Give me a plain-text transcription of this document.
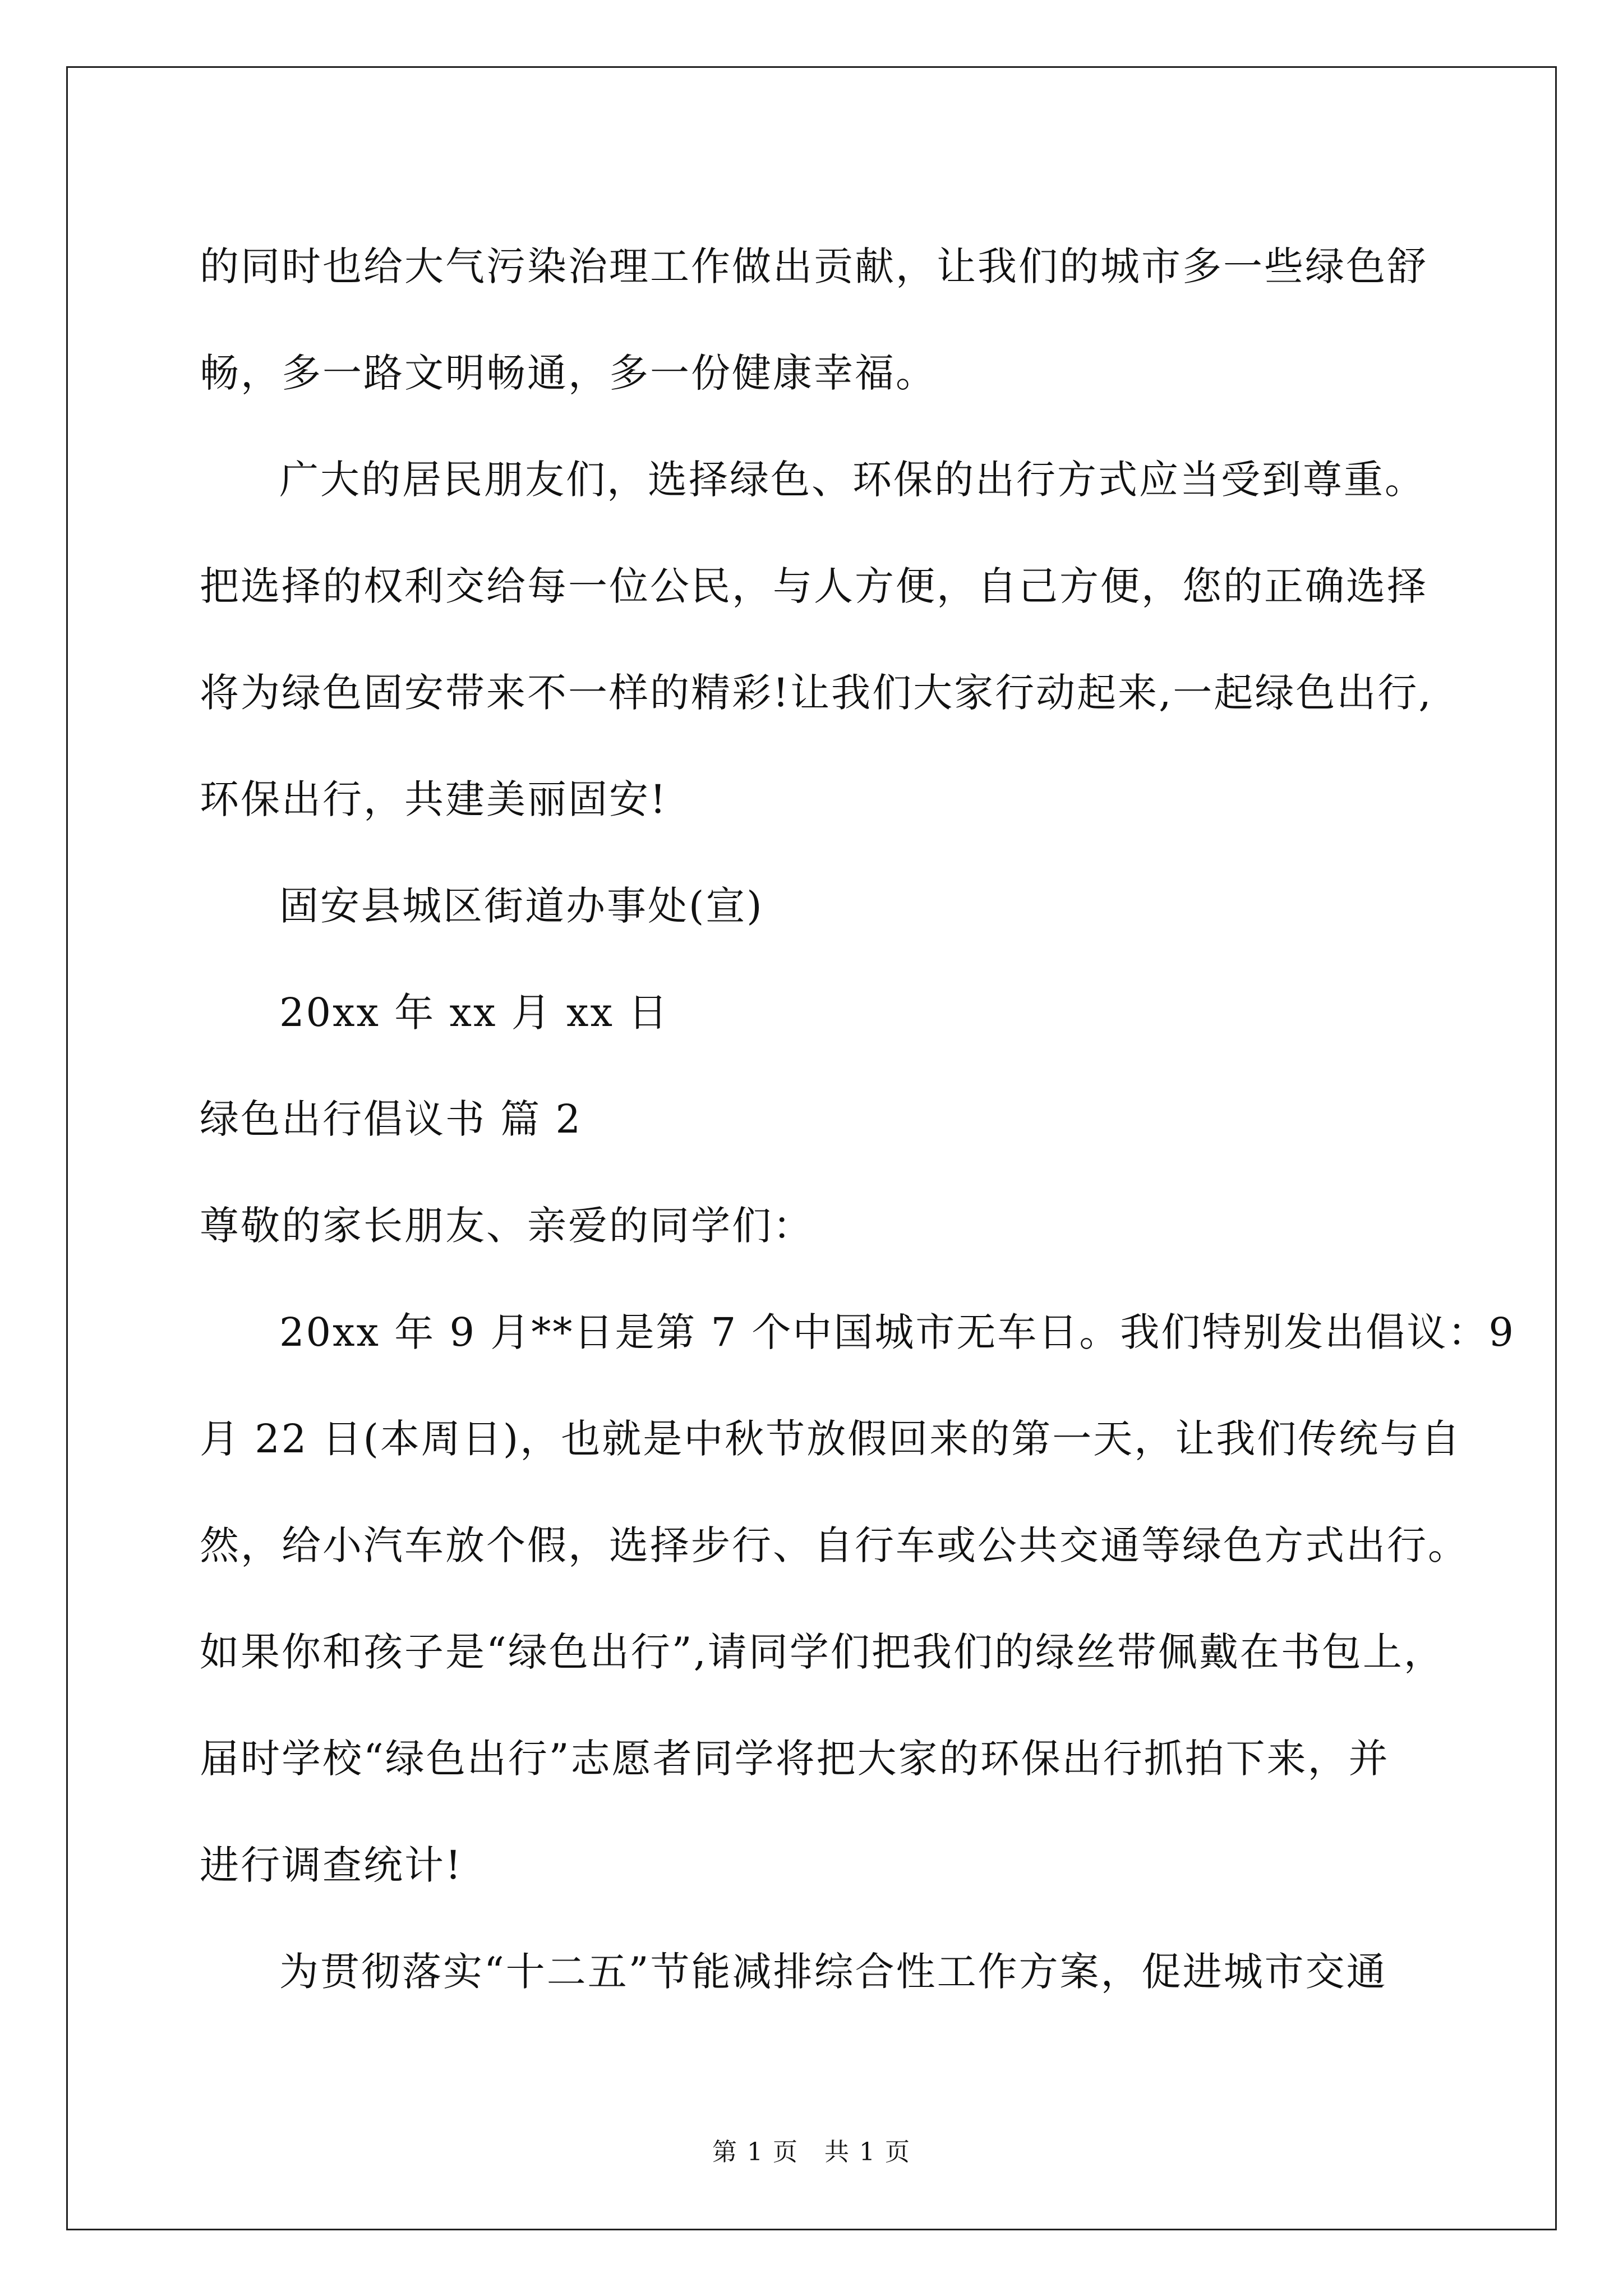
的同时也给大气污染治理工作做出贡献，让我们的城市多一些绿色舒
畅，多一路文明畅通，多一份健康幸福。
广大的居民朋友们，选择绿色、环保的出行方式应当受到尊重。
把选择的权利交给每一位公民，与人方便，自己方便，您的正确选择
将为绿色固安带来不一样的精彩!让我们大家行动起来,一起绿色出行,
环保出行，共建美丽固安!
固安县城区街道办事处(宣)
20xx 年 xx 月 xx 日
绿色出行倡议书 篇 2
尊敬的家长朋友、亲爱的同学们：
20xx 年 9 月**日是第 7 个中国城市无车日。我们特别发出倡议：9
月 22 日(本周日)，也就是中秋节放假回来的第一天，让我们传统与自
然，给小汽车放个假，选择步行、自行车或公共交通等绿色方式出行。
如果你和孩子是“绿色出行”,请同学们把我们的绿丝带佩戴在书包上，
届时学校“绿色出行”志愿者同学将把大家的环保出行抓拍下来，并
进行调查统计!
为贯彻落实“十二五”节能减排综合性工作方案，促进城市交通
第 1 页　共 1 页
